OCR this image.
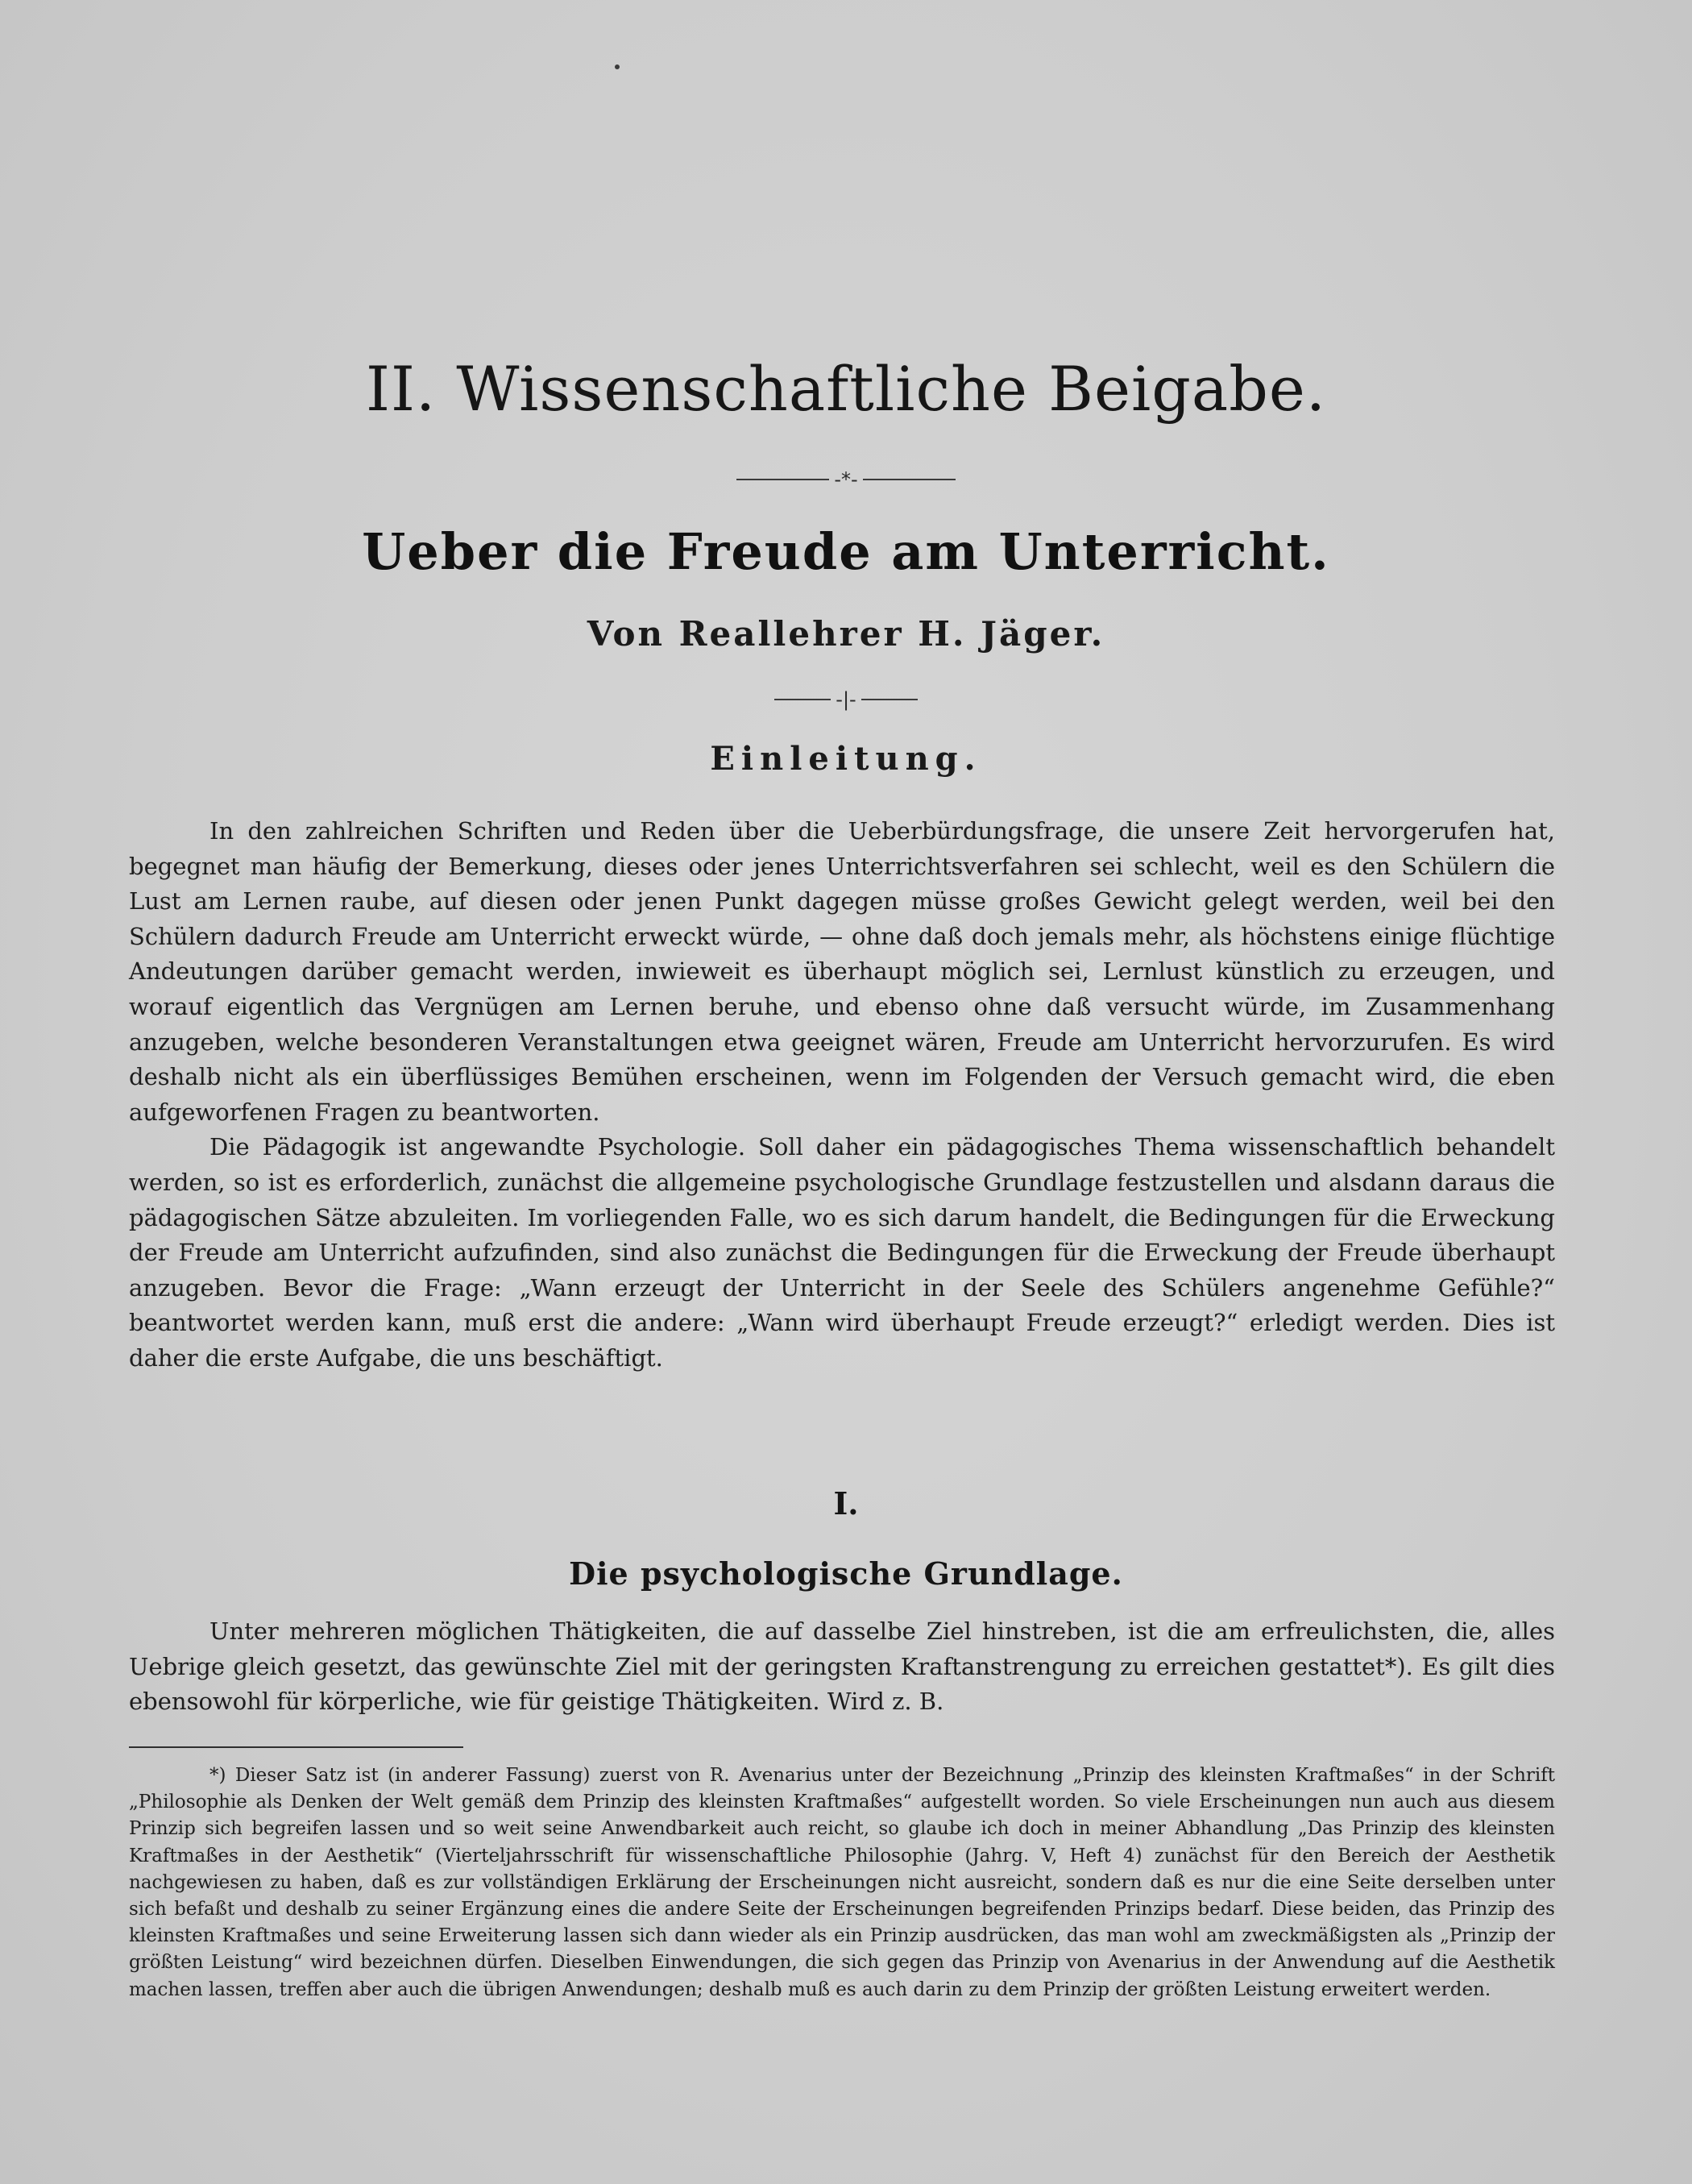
II. Wissenschaftliche Beigabe.
-*-
Ueber die Freude am Unterricht.
Von Reallehrer H. Jäger.
-|-
Einleitung.

In den zahlreichen Schriften und Reden über die Ueberbürdungsfrage, die unsere Zeit hervorgerufen hat, begegnet man häufig der Bemerkung, dieses oder jenes Unterrichtsverfahren sei schlecht, weil es den Schülern die Lust am Lernen raube, auf diesen oder jenen Punkt dagegen müsse großes Gewicht gelegt werden, weil bei den Schülern dadurch Freude am Unterricht erweckt würde, — ohne daß doch jemals mehr, als höchstens einige flüchtige Andeutungen darüber gemacht werden, inwieweit es überhaupt möglich sei, Lernlust künstlich zu erzeugen, und worauf eigentlich das Vergnügen am Lernen beruhe, und ebenso ohne daß versucht würde, im Zusammenhang anzugeben, welche besonderen Veranstaltungen etwa geeignet wären, Freude am Unterricht hervorzurufen. Es wird deshalb nicht als ein überflüssiges Bemühen erscheinen, wenn im Folgenden der Versuch gemacht wird, die eben aufgeworfenen Fragen zu beantworten.

Die Pädagogik ist angewandte Psychologie. Soll daher ein pädagogisches Thema wissenschaftlich behandelt werden, so ist es erforderlich, zunächst die allgemeine psychologische Grundlage festzustellen und alsdann daraus die pädagogischen Sätze abzuleiten. Im vorliegenden Falle, wo es sich darum handelt, die Bedingungen für die Erweckung der Freude am Unterricht aufzufinden, sind also zunächst die Bedingungen für die Erweckung der Freude überhaupt anzugeben. Bevor die Frage: „Wann erzeugt der Unterricht in der Seele des Schülers angenehme Gefühle?“ beantwortet werden kann, muß erst die andere: „Wann wird überhaupt Freude erzeugt?“ erledigt werden. Dies ist daher die erste Aufgabe, die uns beschäftigt.

I.
Die psychologische Grundlage.

Unter mehreren möglichen Thätigkeiten, die auf dasselbe Ziel hinstreben, ist die am erfreulichsten, die, alles Uebrige gleich gesetzt, das gewünschte Ziel mit der geringsten Kraftanstrengung zu erreichen gestattet*). Es gilt dies ebensowohl für körperliche, wie für geistige Thätigkeiten. Wird z. B.

*) Dieser Satz ist (in anderer Fassung) zuerst von R. Avenarius unter der Bezeichnung „Prinzip des kleinsten Kraftmaßes“ in der Schrift „Philosophie als Denken der Welt gemäß dem Prinzip des kleinsten Kraftmaßes“ aufgestellt worden. So viele Erscheinungen nun auch aus diesem Prinzip sich begreifen lassen und so weit seine Anwendbarkeit auch reicht, so glaube ich doch in meiner Abhandlung „Das Prinzip des kleinsten Kraftmaßes in der Aesthetik“ (Vierteljahrsschrift für wissenschaftliche Philosophie (Jahrg. V, Heft 4) zunächst für den Bereich der Aesthetik nachgewiesen zu haben, daß es zur vollständigen Erklärung der Erscheinungen nicht ausreicht, sondern daß es nur die eine Seite derselben unter sich befaßt und deshalb zu seiner Ergänzung eines die andere Seite der Erscheinungen begreifenden Prinzips bedarf. Diese beiden, das Prinzip des kleinsten Kraftmaßes und seine Erweiterung lassen sich dann wieder als ein Prinzip ausdrücken, das man wohl am zweckmäßigsten als „Prinzip der größten Leistung“ wird bezeichnen dürfen. Dieselben Einwendungen, die sich gegen das Prinzip von Avenarius in der Anwendung auf die Aesthetik machen lassen, treffen aber auch die übrigen Anwendungen; deshalb muß es auch darin zu dem Prinzip der größten Leistung erweitert werden.
